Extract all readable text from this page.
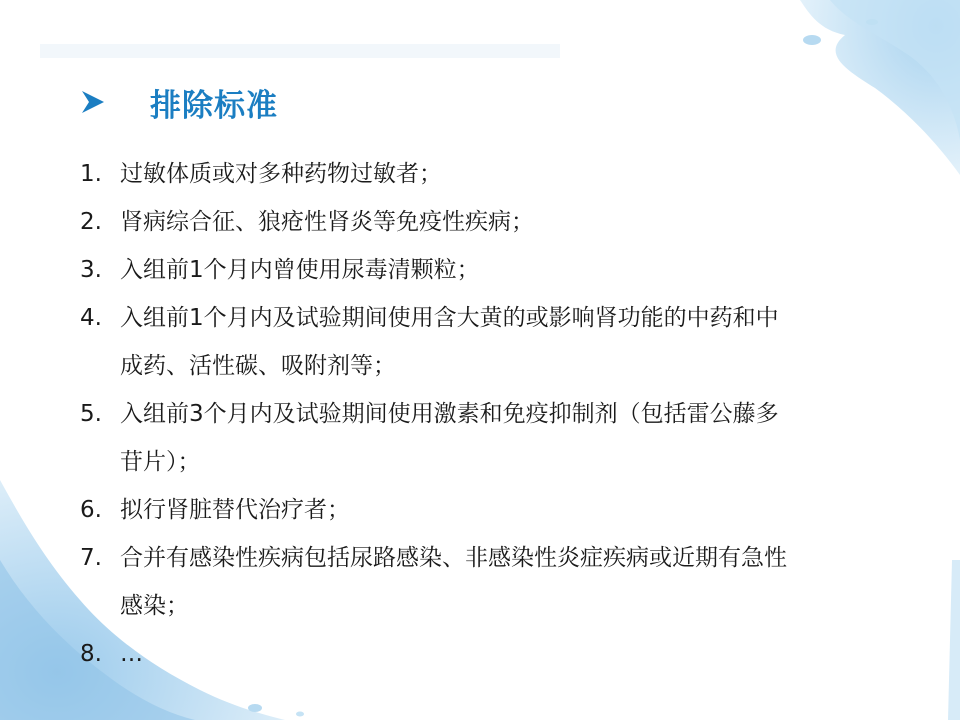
排除标准
1. 过敏体质或对多种药物过敏者；
2. 肾病综合征、狼疮性肾炎等免疫性疾病；
3. 入组前1个月内曾使用尿毒清颗粒；
4. 入组前1个月内及试验期间使用含大黄的或影响肾功能的中药和中
成药、活性碳、吸附剂等；
5. 入组前3个月内及试验期间使用激素和免疫抑制剂（包括雷公藤多
苷片）；
6. 拟行肾脏替代治疗者；
7. 合并有感染性疾病包括尿路感染、非感染性炎症疾病或近期有急性
感染；
8. …
